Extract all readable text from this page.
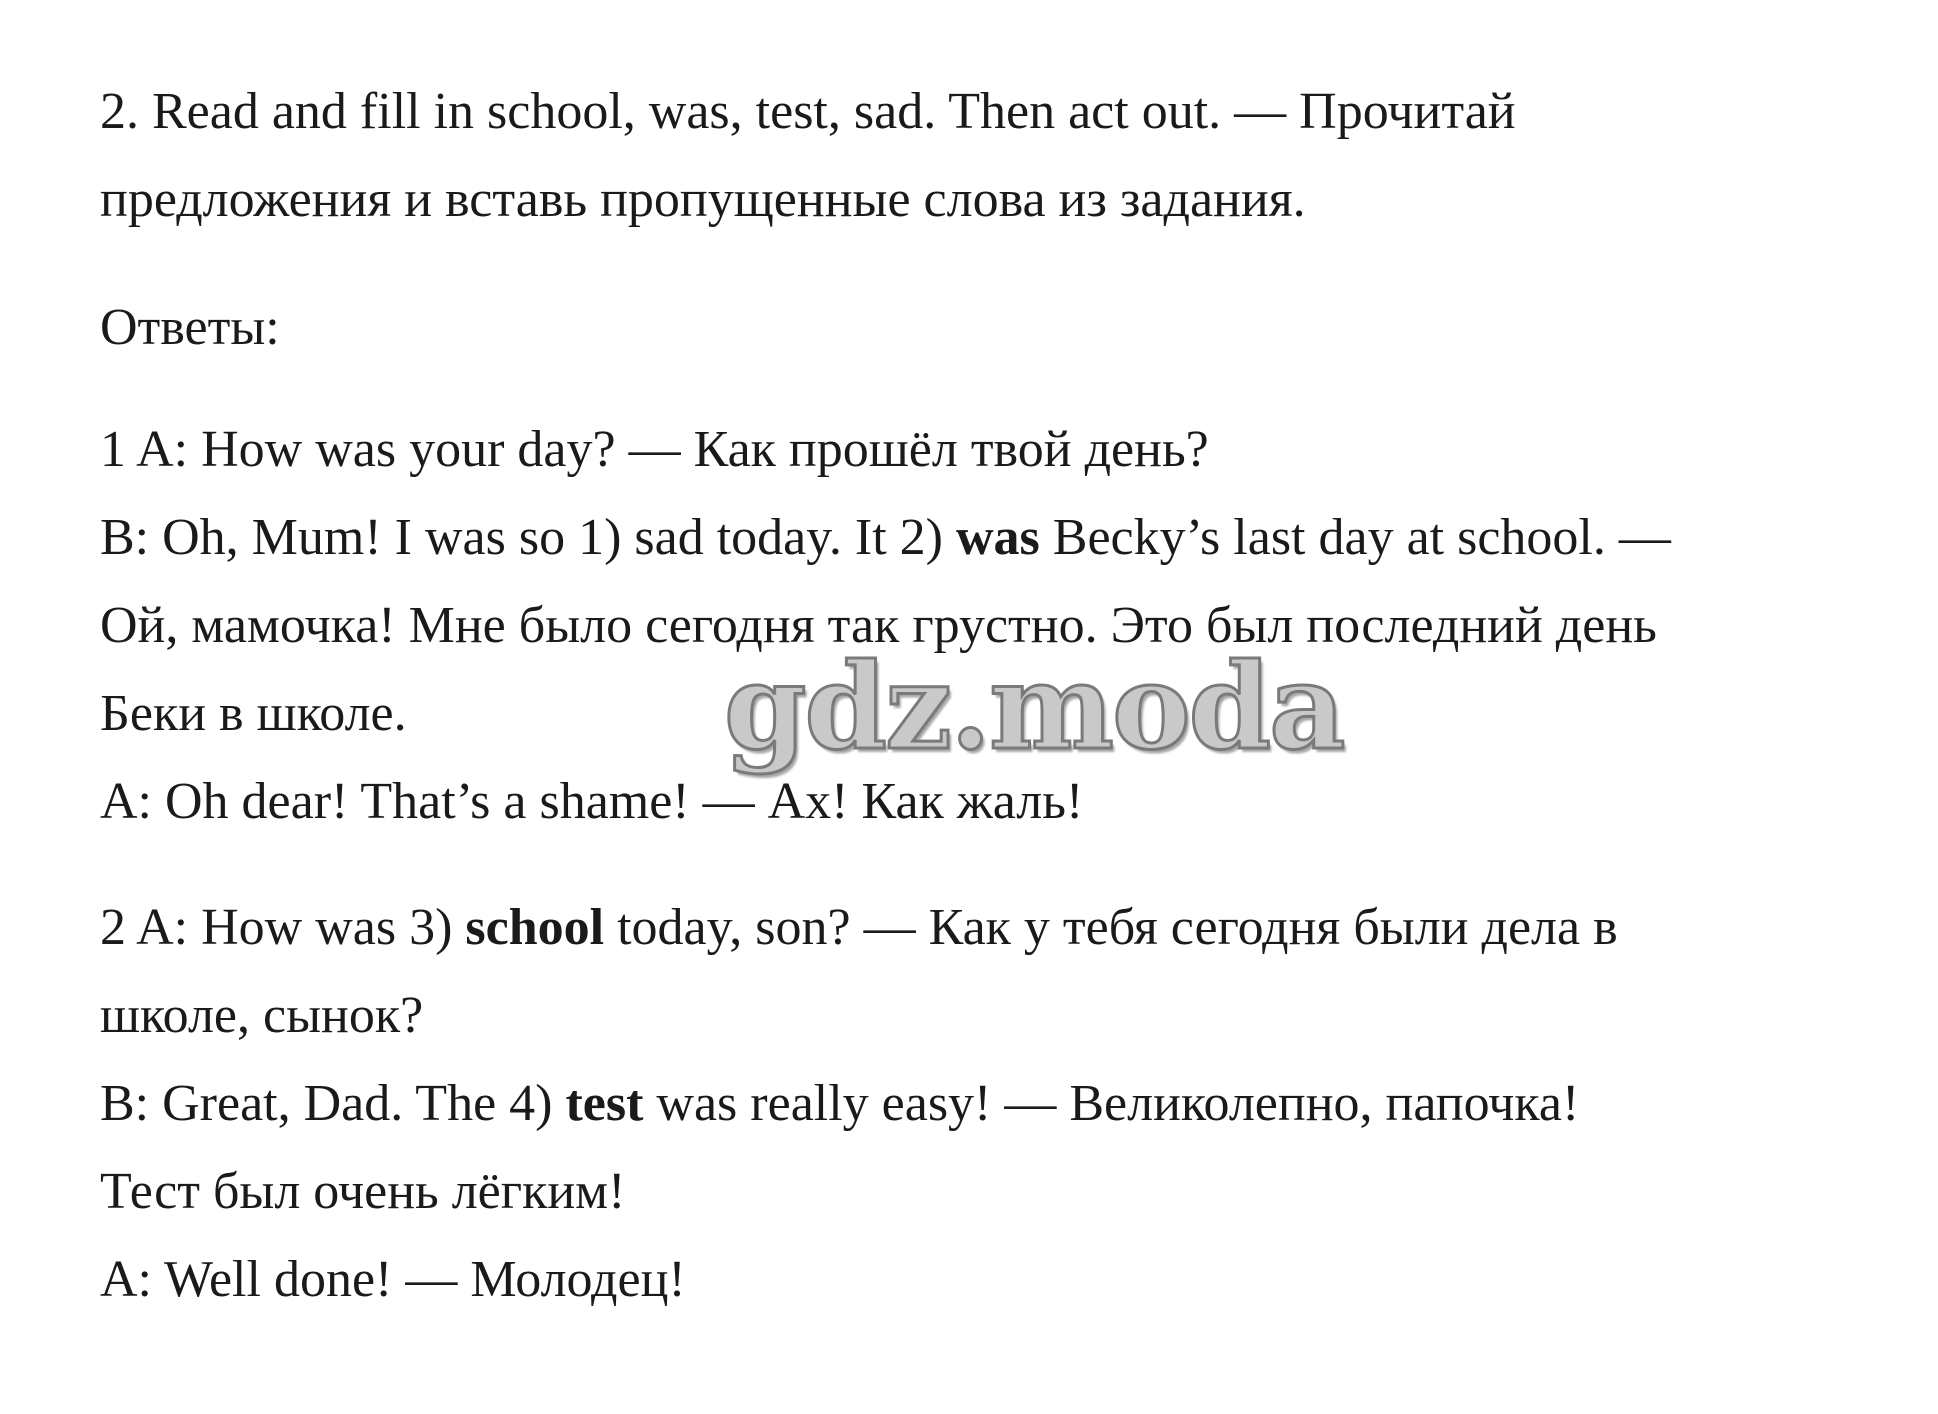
2. Read and fill in school, was, test, sad. Then act out. — Прочитай
предложения и вставь пропущенные слова из задания.
Ответы:
1 A: How was your day? — Как прошёл твой день?
B: Oh, Mum! I was so 1) sad today. It 2) was Becky’s last day at school. —
Ой, мамочка! Мне было сегодня так грустно. Это был последний день
Беки в школе.
A: Oh dear! That’s a shame! — Ах! Как жаль!
2 A: How was 3) school today, son? — Как у тебя сегодня были дела в
школе, сынок?
B: Great, Dad. The 4) test was really easy! — Великолепно, папочка!
Тест был очень лёгким!
A: Well done! — Молодец!
gdz.moda
